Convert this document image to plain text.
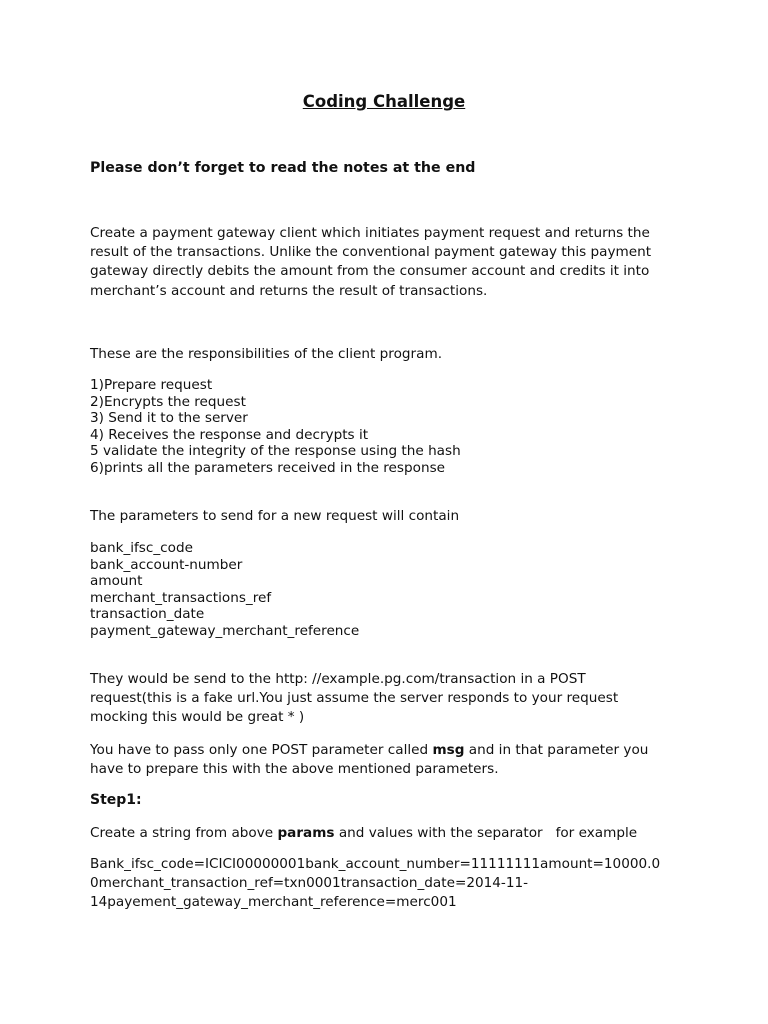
Coding Challenge

Please don’t forget to read the notes at the end

Create a payment gateway client which initiates payment request and returns the
result of the transactions. Unlike the conventional payment gateway this payment
gateway directly debits the amount from the consumer account and credits it into
merchant’s account and returns the result of transactions.

These are the responsibilities of the client program.

1)Prepare request
2)Encrypts the request
3) Send it to the server
4) Receives the response and decrypts it
5 validate the integrity of the response using the hash
6)prints all the parameters received in the response

The parameters to send for a new request will contain

bank_ifsc_code
bank_account-number
amount
merchant_transactions_ref
transaction_date
payment_gateway_merchant_reference
They would be send to the http: //example.pg.com/transaction in a POST
request(this is a fake url.You just assume the server responds to your request
mocking this would be great * )
You have to pass only one POST parameter called msg and in that parameter you
have to prepare this with the above mentioned parameters.

Step1:

Create a string from above params and values with the separator   for example

Bank_ifsc_code=ICICI00000001bank_account_number=11111111amount=10000.0
0merchant_transaction_ref=txn0001transaction_date=2014-11-
14payement_gateway_merchant_reference=merc001
